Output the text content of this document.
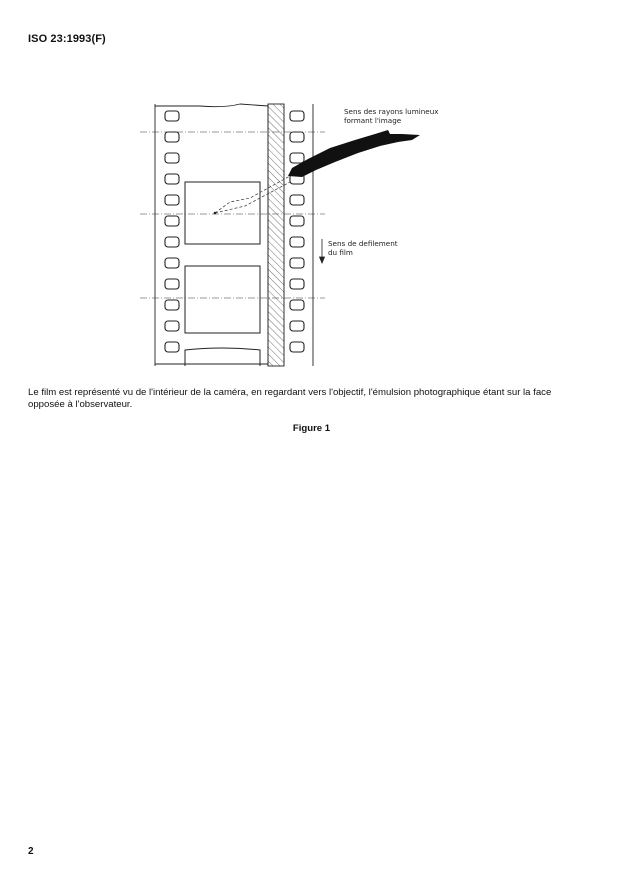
ISO 23:1993(F)
Sens des rayons lumineux
formant l'image
Sens de defilement
du film
Le film est représenté vu de l'intérieur de la caméra, en regardant vers l'objectif, l'émulsion photographique étant sur la face opposée à l'observateur.
Figure 1
2
